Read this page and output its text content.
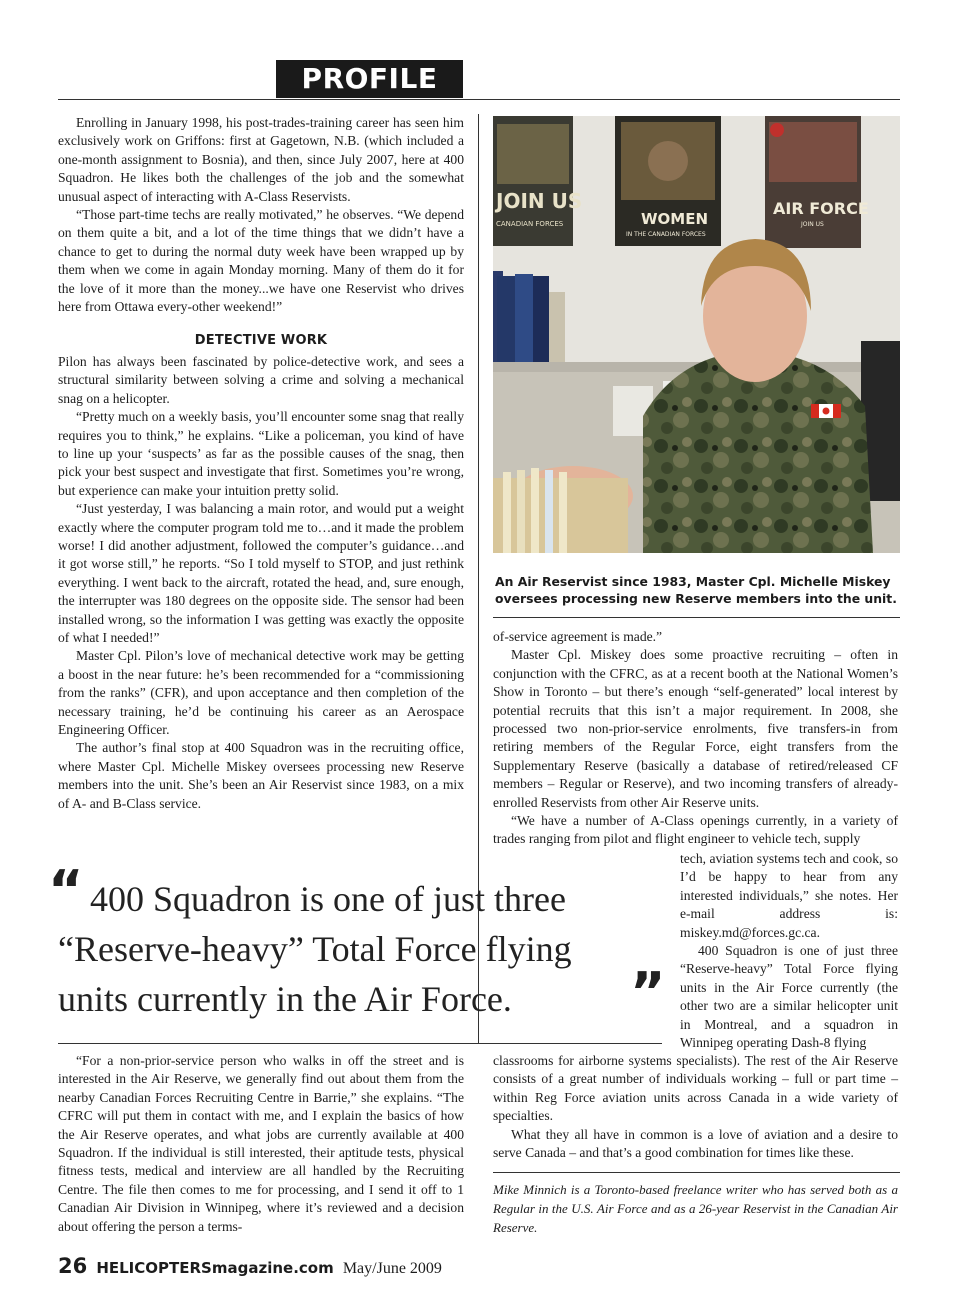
PROFILE

Enrolling in January 1998, his post-trades-training career has seen him exclusively work on Griffons: first at Gagetown, N.B. (which included a one-month assignment to Bosnia), and then, since July 2007, here at 400 Squadron. He likes both the challenges of the job and the somewhat unusual aspect of interacting with A-Class Reservists.

“Those part-time techs are really motivated,” he observes. “We depend on them quite a bit, and a lot of the time things that we didn’t have a chance to get to during the normal duty week have been wrapped up by them when we come in again Monday morning. Many of them do it for the love of it more than the money...we have one Reservist who drives here from Ottawa every-other weekend!”

DETECTIVE WORK

Pilon has always been fascinated by police-detective work, and sees a structural similarity between solving a crime and solving a mechanical snag on a helicopter.

“Pretty much on a weekly basis, you’ll encounter some snag that really requires you to think,” he explains. “Like a policeman, you kind of have to line up your ‘suspects’ as far as the possible causes of the snag, then pick your best suspect and investigate that first. Sometimes you’re wrong, but experience can make your intuition pretty solid.

“Just yesterday, I was balancing a main rotor, and would put a weight exactly where the computer program told me to…and it made the problem worse! I did another adjustment, followed the computer’s guidance…and it got worse still,” he reports. “So I told myself to STOP, and just rethink everything. I went back to the aircraft, rotated the head, and, sure enough, the interrupter was 180 degrees on the opposite side. The sensor had been installed wrong, so the information I was getting was exactly the opposite of what I needed!”

Master Cpl. Pilon’s love of mechanical detective work may be getting a boost in the near future: he’s been recommended for a “commissioning from the ranks” (CFR), and upon acceptance and then completion of the necessary training, he’d be continuing his career as an Aerospace Engineering Officer.

The author’s final stop at 400 Squadron was in the recruiting office, where Master Cpl. Michelle Miskey oversees processing new Reserve members into the unit. She’s been an Air Reservist since 1983, on a mix of A- and B-Class service.

JOIN US
CANADIAN FORCES	WOMEN
IN THE CANADIAN FORCES
AIR FORCE
JOIN US
An Air Reservist since 1983, Master Cpl. Michelle Miskey oversees processing new Reserve members into the unit.

of-service agreement is made.”

Master Cpl. Miskey does some proactive recruiting – often in conjunction with the CFRC, as at a recent booth at the National Women’s Show in Toronto – but there’s enough “self-generated” local interest by potential recruits that this isn’t a major requirement. In 2008, she processed two non-prior-service enrolments, five transfers-in from retiring members of the Regular Force, eight transfers from the Supplementary Reserve (basically a database of retired/released CF members – Regular or Reserve), and two incoming transfers of already-enrolled Reservists from other Air Reserve units.

“We have a number of A-Class openings currently, in a variety of trades ranging from pilot and flight engineer to vehicle tech, supply

tech, aviation systems tech and cook, so I’d be happy to hear from any interested individuals,” she notes. Her e-mail address is: miskey.md@forces.gc.ca.

400 Squadron is one of just three “Reserve-heavy” Total Force flying units in the Air Force currently (the other two are a similar helicopter unit in Montreal, and a squadron in Winnipeg operating Dash-8 flying

“ 400 Squadron is one of just three
“Reserve-heavy” Total Force flying
units currently in the Air Force. ”

“For a non-prior-service person who walks in off the street and is interested in the Air Reserve, we generally find out about them from the nearby Canadian Forces Recruiting Centre in Barrie,” she explains. “The CFRC will put them in contact with me, and I explain the basics of how the Air Reserve operates, and what jobs are currently available at 400 Squadron. If the individual is still interested, their aptitude tests, physical fitness tests, medical and interview are all handled by the Recruiting Centre. The file then comes to me for processing, and I send it off to 1 Canadian Air Division in Winnipeg, where it’s reviewed and a decision about offering the person a terms-

classrooms for airborne systems specialists). The rest of the Air Reserve consists of a great number of individuals working – full or part time – within Reg Force aviation units across Canada in a wide variety of specialties.

What they all have in common is a love of aviation and a desire to serve Canada – and that’s a good combination for times like these.

Mike Minnich is a Toronto-based freelance writer who has served both as a Regular in the U.S. Air Force and as a 26-year Reservist in the Canadian Air Reserve.
26 HELICOPTERSmagazine.com May/June 2009
